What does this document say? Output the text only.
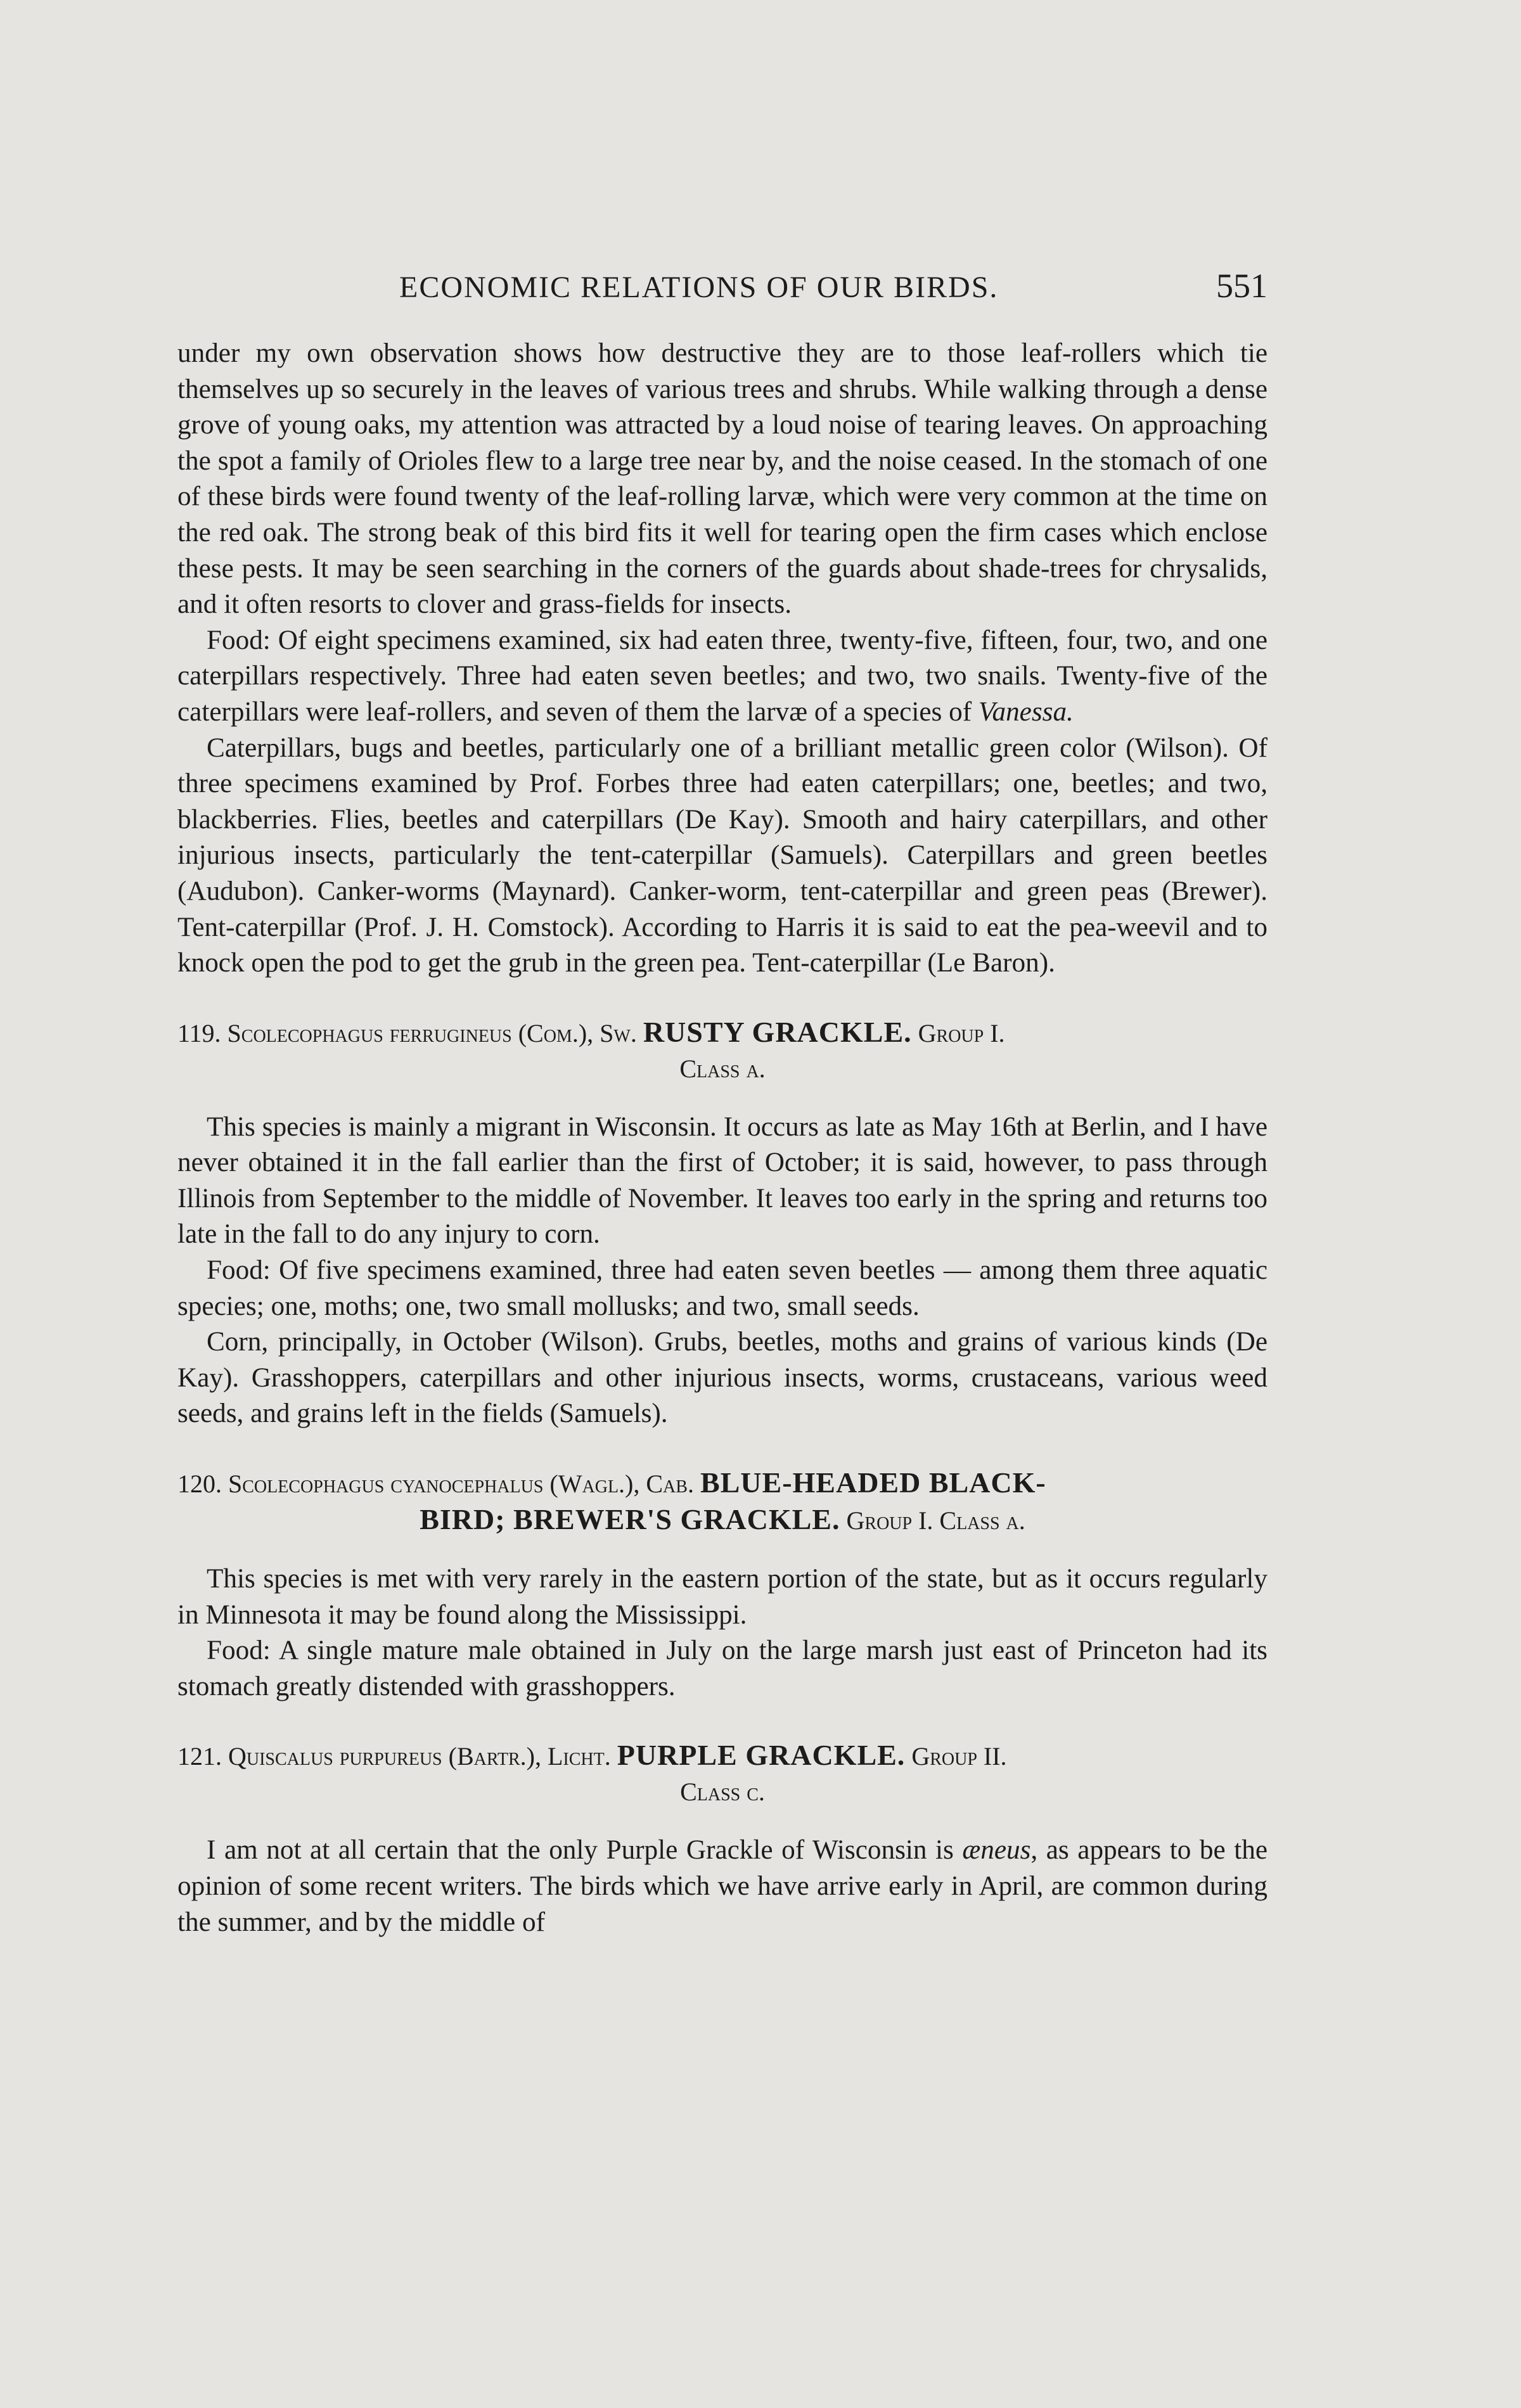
ECONOMIC RELATIONS OF OUR BIRDS.	551

under my own observation shows how destructive they are to those leaf-rollers which tie themselves up so securely in the leaves of various trees and shrubs. While walking through a dense grove of young oaks, my attention was attracted by a loud noise of tearing leaves. On approaching the spot a family of Orioles flew to a large tree near by, and the noise ceased. In the stomach of one of these birds were found twenty of the leaf-rolling larvæ, which were very common at the time on the red oak. The strong beak of this bird fits it well for tearing open the firm cases which enclose these pests. It may be seen searching in the corners of the guards about shade-trees for chrysalids, and it often resorts to clover and grass-fields for insects.

Food: Of eight specimens examined, six had eaten three, twenty-five, fifteen, four, two, and one caterpillars respectively. Three had eaten seven beetles; and two, two snails. Twenty-five of the caterpillars were leaf-rollers, and seven of them the larvæ of a species of Vanessa.

Caterpillars, bugs and beetles, particularly one of a brilliant metallic green color (Wilson). Of three specimens examined by Prof. Forbes three had eaten caterpillars; one, beetles; and two, blackberries. Flies, beetles and caterpillars (De Kay). Smooth and hairy caterpillars, and other injurious insects, particularly the tent-caterpillar (Samuels). Caterpillars and green beetles (Audubon). Canker-worms (Maynard). Canker-worm, tent-caterpillar and green peas (Brewer). Tent-caterpillar (Prof. J. H. Comstock). According to Harris it is said to eat the pea-weevil and to knock open the pod to get the grub in the green pea. Tent-caterpillar (Le Baron).

119. Scolecophagus ferrugineus (Com.), Sw. RUSTY GRACKLE. Group I.
Class a.

This species is mainly a migrant in Wisconsin. It occurs as late as May 16th at Berlin, and I have never obtained it in the fall earlier than the first of October; it is said, however, to pass through Illinois from September to the middle of November. It leaves too early in the spring and returns too late in the fall to do any injury to corn.

Food: Of five specimens examined, three had eaten seven beetles — among them three aquatic species; one, moths; one, two small mollusks; and two, small seeds.

Corn, principally, in October (Wilson). Grubs, beetles, moths and grains of various kinds (De Kay). Grasshoppers, caterpillars and other injurious insects, worms, crustaceans, various weed seeds, and grains left in the fields (Samuels).

120. Scolecophagus cyanocephalus (Wagl.), Cab. BLUE-HEADED BLACK-
BIRD; BREWER'S GRACKLE. Group I. Class a.

This species is met with very rarely in the eastern portion of the state, but as it occurs regularly in Minnesota it may be found along the Mississippi.

Food: A single mature male obtained in July on the large marsh just east of Princeton had its stomach greatly distended with grasshoppers.

121. Quiscalus purpureus (Bartr.), Licht. PURPLE GRACKLE. Group II.
Class c.

I am not at all certain that the only Purple Grackle of Wisconsin is æneus, as appears to be the opinion of some recent writers. The birds which we have arrive early in April, are common during the summer, and by the middle of
